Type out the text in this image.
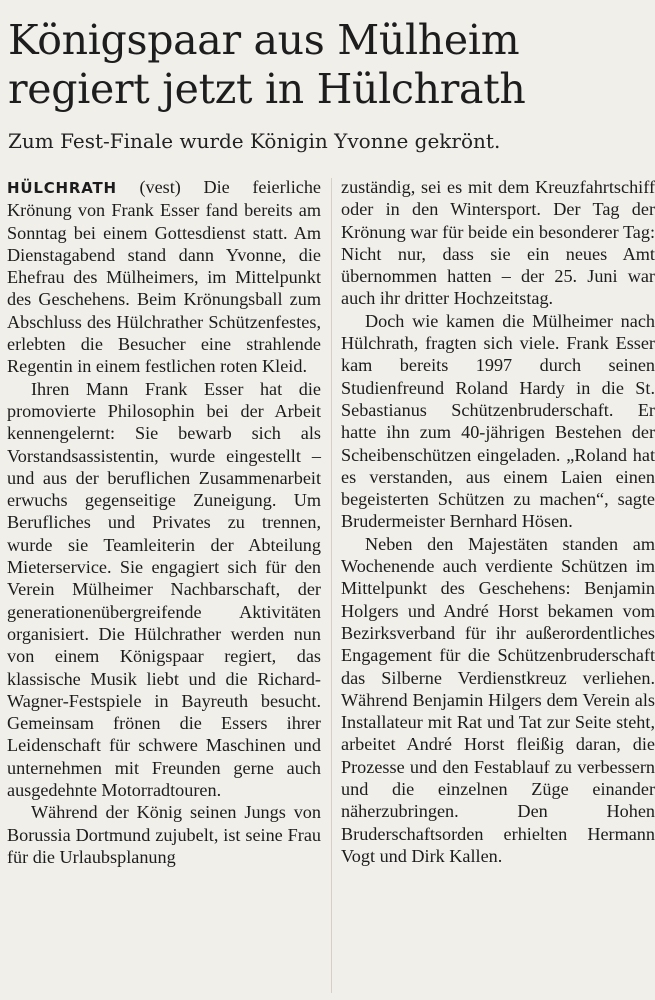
Königspaar aus Mülheim
regiert jetzt in Hülchrath

Zum Fest-Finale wurde Königin Yvonne gekrönt.

HÜLCHRATH (vest) Die feierliche Krönung von Frank Esser fand bereits am Sonntag bei einem Gottesdienst statt. Am Dienstagabend stand dann Yvonne, die Ehefrau des Mülheimers, im Mittelpunkt des Geschehens. Beim Krönungsball zum Abschluss des Hülchrather Schützenfestes, erlebten die Besucher eine strahlende Regentin in einem festlichen roten Kleid.

Ihren Mann Frank Esser hat die promovierte Philosophin bei der Arbeit kennengelernt: Sie bewarb sich als Vorstandsassistentin, wurde eingestellt – und aus der beruflichen Zusammenarbeit erwuchs gegenseitige Zuneigung. Um Berufliches und Privates zu trennen, wurde sie Teamleiterin der Abteilung Mieterservice. Sie engagiert sich für den Verein Mülheimer Nachbarschaft, der generationenübergreifende Aktivitäten organisiert. Die Hülchrather werden nun von einem Königspaar regiert, das klassische Musik liebt und die Richard-Wagner-Festspiele in Bayreuth besucht. Gemeinsam frönen die Essers ihrer Leidenschaft für schwere Maschinen und unternehmen mit Freunden gerne auch ausgedehnte Motorradtouren.

Während der König seinen Jungs von Borussia Dortmund zujubelt, ist seine Frau für die Urlaubsplanung

zuständig, sei es mit dem Kreuzfahrtschiff oder in den Wintersport. Der Tag der Krönung war für beide ein besonderer Tag: Nicht nur, dass sie ein neues Amt übernommen hatten – der 25. Juni war auch ihr dritter Hochzeitstag.

Doch wie kamen die Mülheimer nach Hülchrath, fragten sich viele. Frank Esser kam bereits 1997 durch seinen Studienfreund Roland Hardy in die St. Sebastianus Schützenbruderschaft. Er hatte ihn zum 40-jährigen Bestehen der Scheibenschützen eingeladen. „Roland hat es verstanden, aus einem Laien einen begeisterten Schützen zu machen“, sagte Brudermeister Bernhard Hösen.

Neben den Majestäten standen am Wochenende auch verdiente Schützen im Mittelpunkt des Geschehens: Benjamin Holgers und André Horst bekamen vom Bezirksverband für ihr außerordentliches Engagement für die Schützenbruderschaft das Silberne Verdienstkreuz verliehen. Während Benjamin Hilgers dem Verein als Installateur mit Rat und Tat zur Seite steht, arbeitet André Horst fleißig daran, die Prozesse und den Festablauf zu verbessern und die einzelnen Züge einander näherzubringen. Den Hohen Bruderschaftsorden erhielten Hermann Vogt und Dirk Kallen.
